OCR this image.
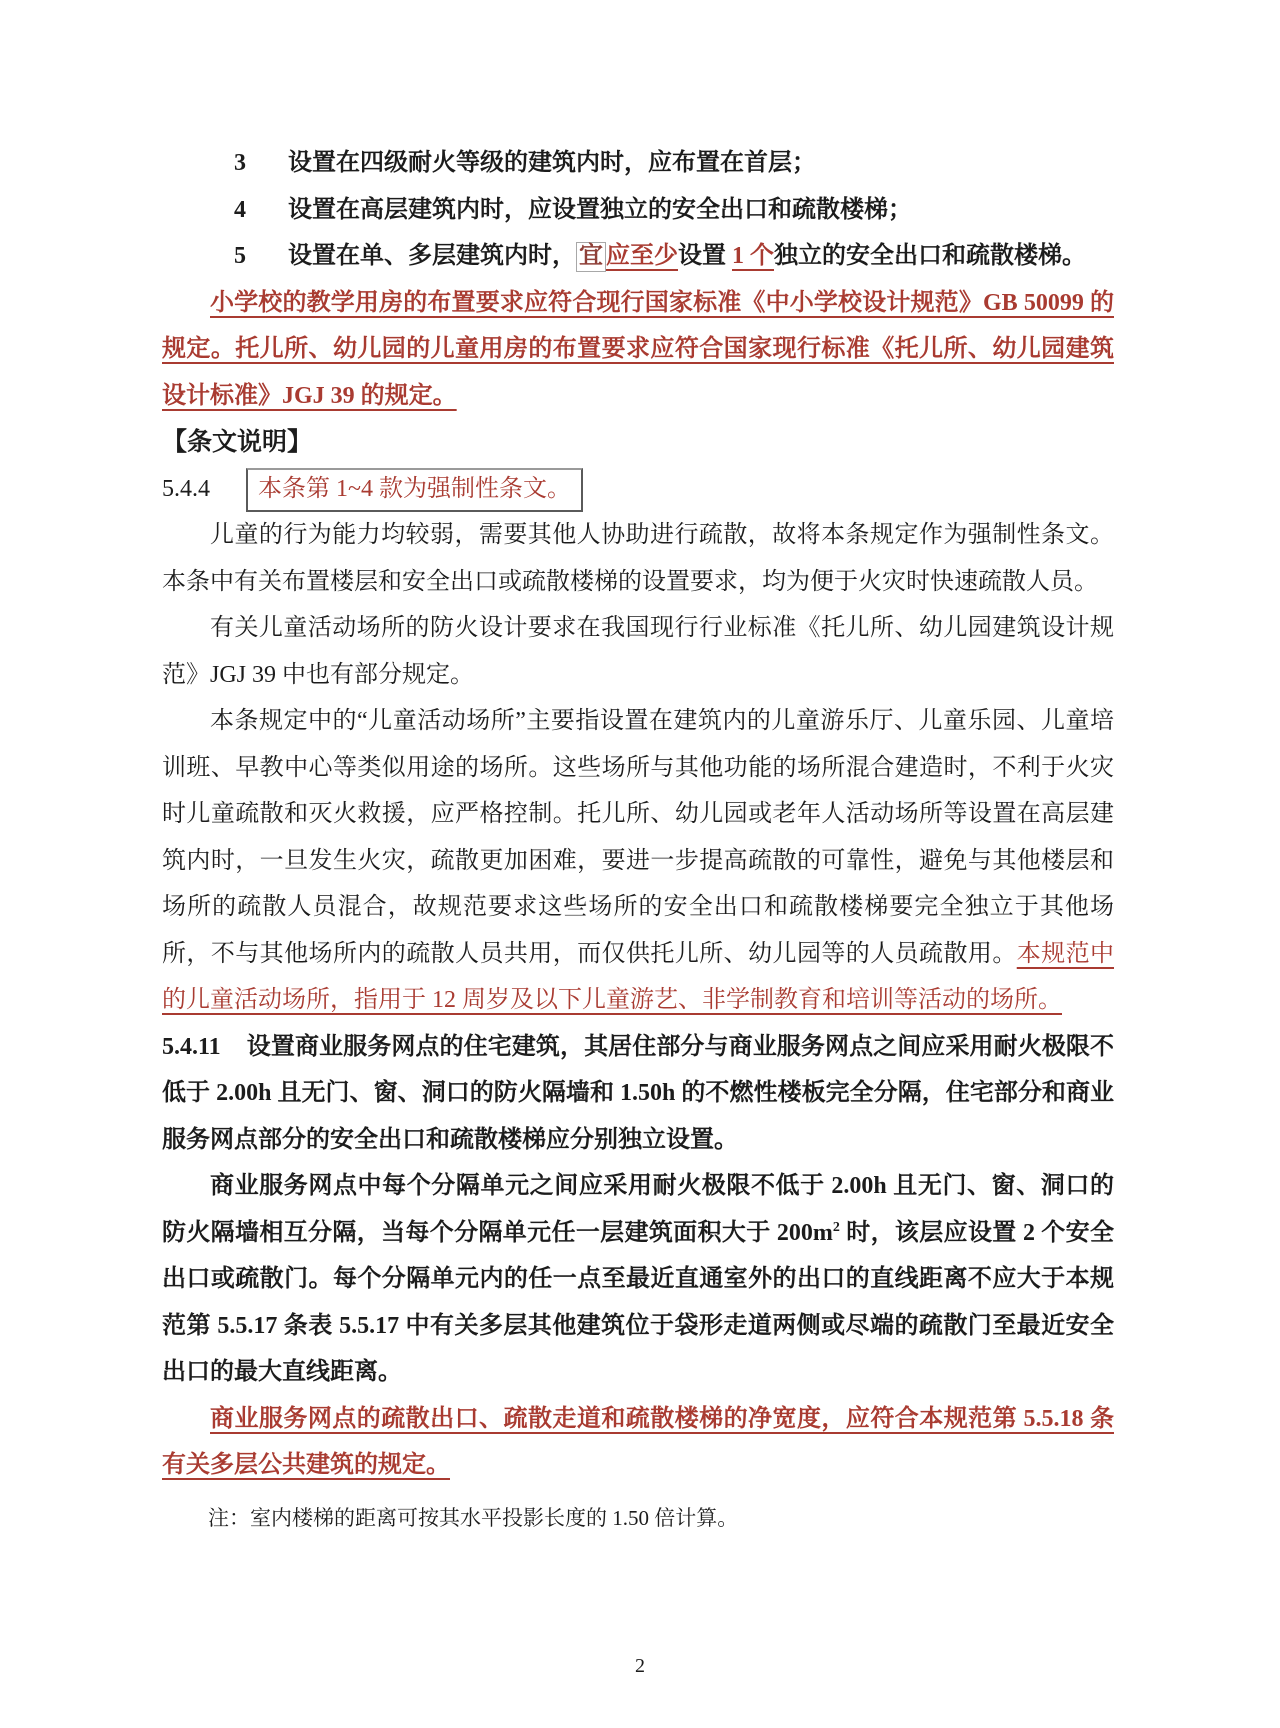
3 设置在四级耐火等级的建筑内时，应布置在首层；

4 设置在高层建筑内时，应设置独立的安全出口和疏散楼梯；

5 设置在单、多层建筑内时， 宜 应至少设置 1 个独立的安全出口和疏散楼梯。

小学校的教学用房的布置要求应符合现行国家标准《中小学校设计规范》GB 50099 的规定。托儿所、幼儿园的儿童用房的布置要求应符合国家现行标准《托儿所、幼儿园建筑设计标准》JGJ 39 的规定。

【条文说明】

5.4.4 本条第 1~4 款为强制性条文。

儿童的行为能力均较弱，需要其他人协助进行疏散，故将本条规定作为强制性条文。本条中有关布置楼层和安全出口或疏散楼梯的设置要求，均为便于火灾时快速疏散人员。

有关儿童活动场所的防火设计要求在我国现行行业标准《托儿所、幼儿园建筑设计规范》JGJ 39 中也有部分规定。

本条规定中的“儿童活动场所”主要指设置在建筑内的儿童游乐厅、儿童乐园、儿童培训班、早教中心等类似用途的场所。这些场所与其他功能的场所混合建造时，不利于火灾时儿童疏散和灭火救援，应严格控制。托儿所、幼儿园或老年人活动场所等设置在高层建筑内时，一旦发生火灾，疏散更加困难，要进一步提高疏散的可靠性，避免与其他楼层和场所的疏散人员混合，故规范要求这些场所的安全出口和疏散楼梯要完全独立于其他场所，不与其他场所内的疏散人员共用，而仅供托儿所、幼儿园等的人员疏散用。本规范中的儿童活动场所，指用于 12 周岁及以下儿童游艺、非学制教育和培训等活动的场所。

5.4.11 设置商业服务网点的住宅建筑，其居住部分与商业服务网点之间应采用耐火极限不低于 2.00h 且无门、窗、洞口的防火隔墙和 1.50h 的不燃性楼板完全分隔，住宅部分和商业服务网点部分的安全出口和疏散楼梯应分别独立设置。

商业服务网点中每个分隔单元之间应采用耐火极限不低于 2.00h 且无门、窗、洞口的防火隔墙相互分隔，当每个分隔单元任一层建筑面积大于 $200m^2$ 时，该层应设置 2 个安全出口或疏散门。每个分隔单元内的任一点至最近直通室外的出口的直线距离不应大于本规范第 5.5.17 条表 5.5.17 中有关多层其他建筑位于袋形走道两侧或尽端的疏散门至最近安全出口的最大直线距离。

商业服务网点的疏散出口、疏散走道和疏散楼梯的净宽度，应符合本规范第 5.5.18 条有关多层公共建筑的规定。

注：室内楼梯的距离可按其水平投影长度的 1.50 倍计算。

2
